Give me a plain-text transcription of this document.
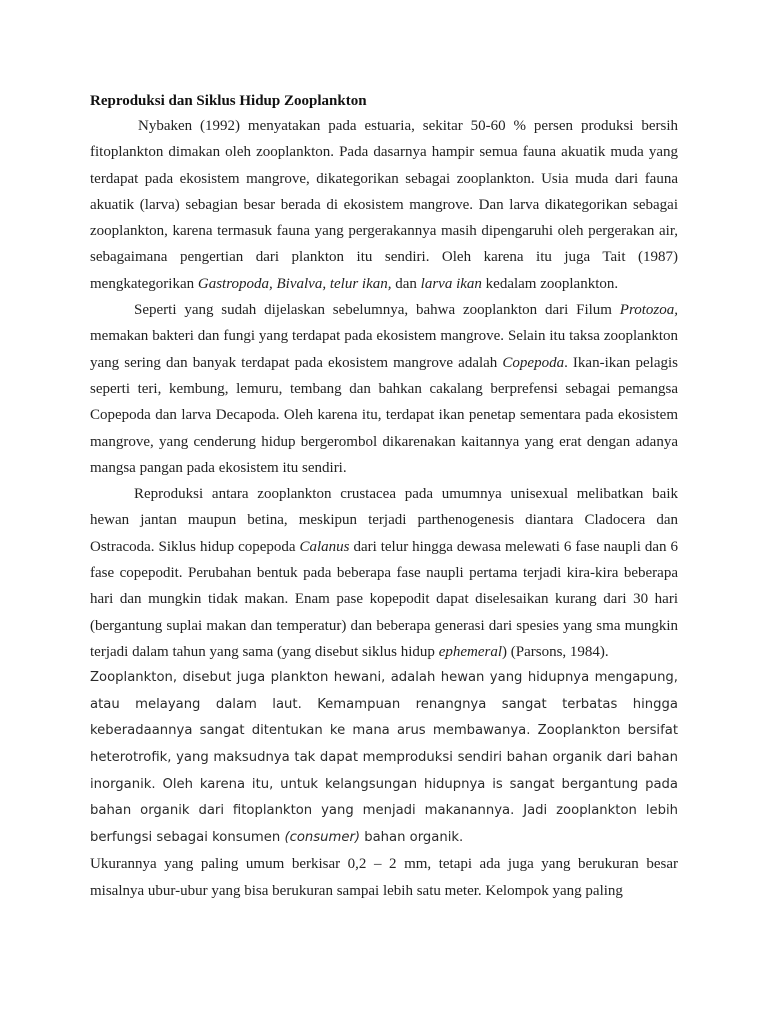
Reproduksi dan Siklus Hidup Zooplankton

Nybaken (1992) menyatakan pada estuaria, sekitar 50-60 % persen produksi bersih fitoplankton dimakan oleh zooplankton. Pada dasarnya hampir semua fauna akuatik muda yang terdapat pada ekosistem mangrove, dikategorikan sebagai zooplankton. Usia muda dari fauna akuatik (larva) sebagian besar berada di ekosistem mangrove. Dan larva dikategorikan sebagai zooplankton, karena termasuk fauna yang pergerakannya masih dipengaruhi oleh pergerakan air, sebagaimana pengertian dari plankton itu sendiri. Oleh karena itu juga Tait (1987) mengkategorikan Gastropoda, Bivalva, telur ikan, dan larva ikan kedalam zooplankton.

Seperti yang sudah dijelaskan sebelumnya, bahwa zooplankton dari Filum Protozoa, memakan bakteri dan fungi yang terdapat pada ekosistem mangrove. Selain itu taksa zooplankton yang sering dan banyak terdapat pada ekosistem mangrove adalah Copepoda. Ikan-ikan pelagis seperti teri, kembung, lemuru, tembang dan bahkan cakalang berprefensi sebagai pemangsa Copepoda dan larva Decapoda. Oleh karena itu, terdapat ikan penetap sementara pada ekosistem mangrove, yang cenderung hidup bergerombol dikarenakan kaitannya yang erat dengan adanya mangsa pangan pada ekosistem itu sendiri.

Reproduksi antara zooplankton crustacea pada umumnya unisexual melibatkan baik hewan jantan maupun betina, meskipun terjadi parthenogenesis diantara Cladocera dan Ostracoda. Siklus hidup copepoda Calanus dari telur hingga dewasa melewati 6 fase naupli dan 6 fase copepodit. Perubahan bentuk pada beberapa fase naupli pertama terjadi kira-kira beberapa hari dan mungkin tidak makan. Enam pase kopepodit dapat diselesaikan kurang dari 30 hari (bergantung suplai makan dan temperatur) dan beberapa generasi dari spesies yang sma mungkin terjadi dalam tahun yang sama (yang disebut siklus hidup ephemeral) (Parsons, 1984).

Zooplankton, disebut juga plankton hewani, adalah hewan yang hidupnya mengapung, atau melayang dalam laut. Kemampuan renangnya sangat terbatas hingga keberadaannya sangat ditentukan ke mana arus membawanya. Zooplankton bersifat heterotrofik, yang maksudnya tak dapat memproduksi sendiri bahan organik dari bahan inorganik. Oleh karena itu, untuk kelangsungan hidupnya is sangat bergantung pada bahan organik dari fitoplankton yang menjadi makanannya. Jadi zooplankton lebih berfungsi sebagai konsumen (consumer) bahan organik.

Ukurannya yang paling umum berkisar 0,2 – 2 mm, tetapi ada juga yang berukuran besar misalnya ubur-ubur yang bisa berukuran sampai lebih satu meter. Kelompok yang paling
